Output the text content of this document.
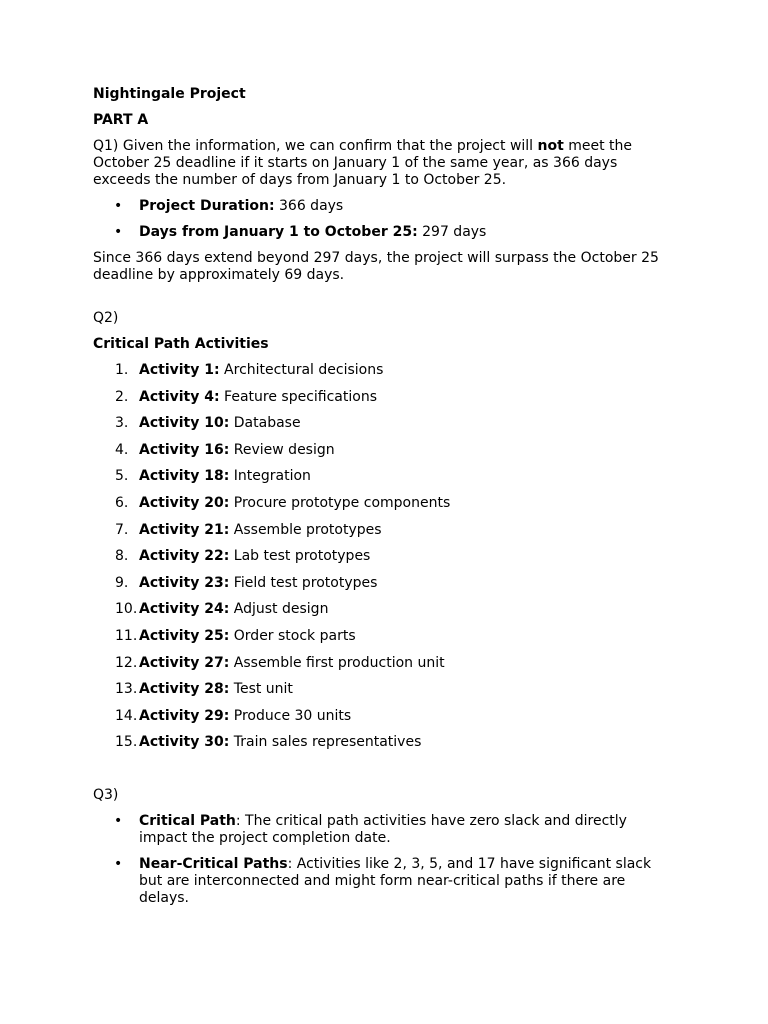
Nightingale Project
PART A
Q1) Given the information, we can confirm that the project will not meet the October 25 deadline if it starts on January 1 of the same year, as 366 days exceeds the number of days from January 1 to October 25.
• Project Duration: 366 days
• Days from January 1 to October 25: 297 days
Since 366 days extend beyond 297 days, the project will surpass the October 25 deadline by approximately 69 days.
Q2)
Critical Path Activities
1. Activity 1: Architectural decisions
2. Activity 4: Feature specifications
3. Activity 10: Database
4. Activity 16: Review design
5. Activity 18: Integration
6. Activity 20: Procure prototype components
7. Activity 21: Assemble prototypes
8. Activity 22: Lab test prototypes
9. Activity 23: Field test prototypes
10. Activity 24: Adjust design
11. Activity 25: Order stock parts
12. Activity 27: Assemble first production unit
13. Activity 28: Test unit
14. Activity 29: Produce 30 units
15. Activity 30: Train sales representatives
Q3)
• Critical Path: The critical path activities have zero slack and directly impact the project completion date.
• Near-Critical Paths: Activities like 2, 3, 5, and 17 have significant slack but are interconnected and might form near-critical paths if there are delays.
